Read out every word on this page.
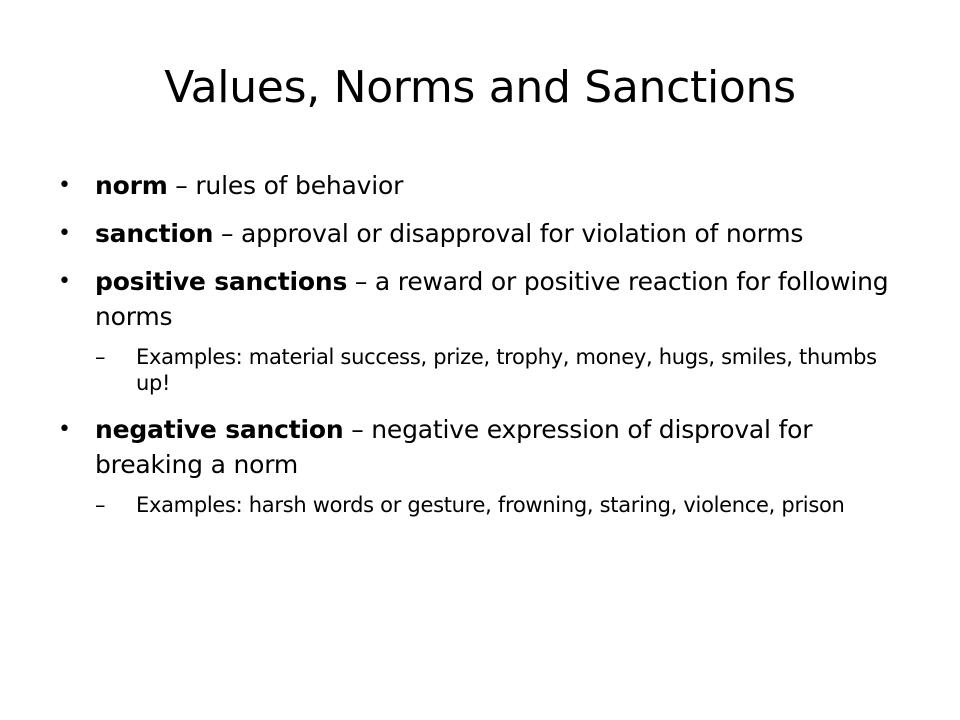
Values, Norms and Sanctions
• norm – rules of behavior
• sanction – approval or disapproval for violation of norms
• positive sanctions – a reward or positive reaction for following norms
– Examples: material success, prize, trophy, money, hugs, smiles, thumbs up!
• negative sanction – negative expression of disproval for breaking a norm
– Examples: harsh words or gesture, frowning, staring, violence, prison
